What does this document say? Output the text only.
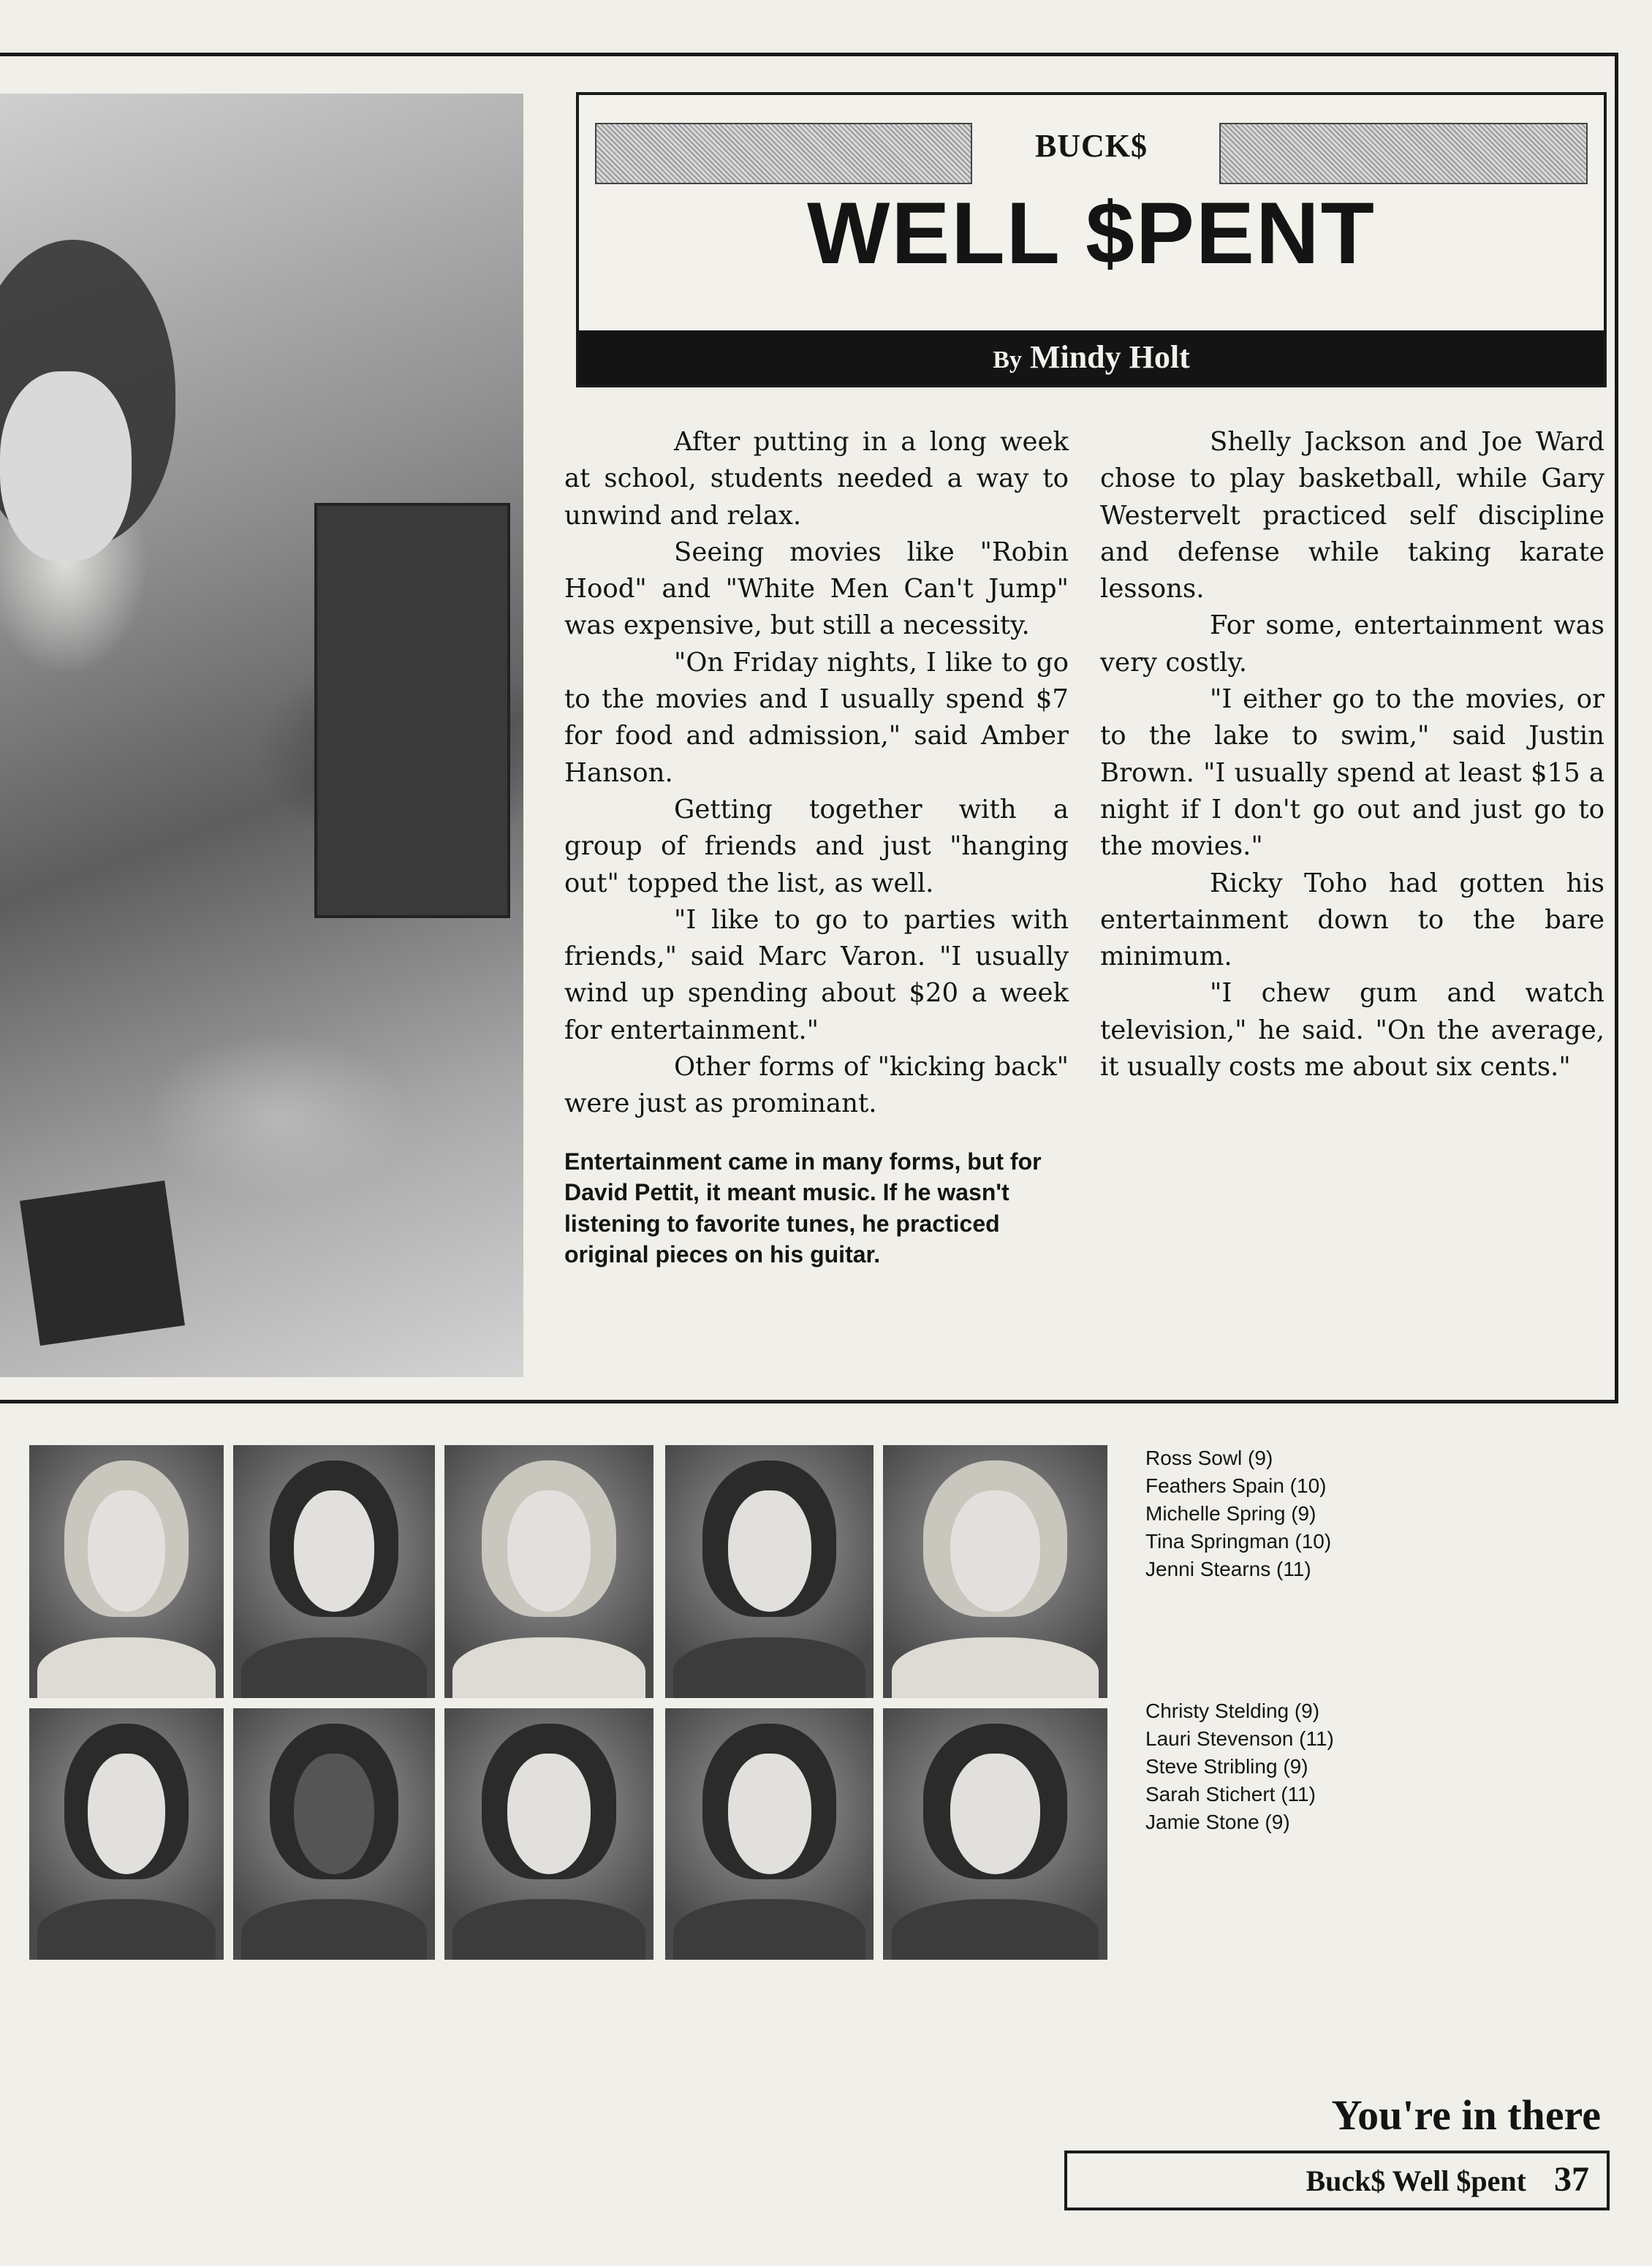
BUCK$
WELL $PENT
By Mindy Holt

After putting in a long week at school, students needed a way to unwind and relax.

Seeing movies like "Robin Hood" and "White Men Can't Jump" was expensive, but still a necessity.

"On Friday nights, I like to go to the movies and I usually spend $7 for food and admission," said Amber Hanson.

Getting together with a group of friends and just "hanging out" topped the list, as well.

"I like to go to parties with friends," said Marc Varon. "I usually wind up spending about $20 a week for entertainment."

Other forms of "kicking back" were just as prominant.

Shelly Jackson and Joe Ward chose to play basketball, while Gary Westervelt practiced self discipline and defense while taking karate lessons.

For some, entertainment was very costly.

"I either go to the movies, or to the lake to swim," said Justin Brown. "I usually spend at least $15 a night if I don't go out and just go to the movies."

Ricky Toho had gotten his entertainment down to the bare minimum.

"I chew gum and watch television," he said. "On the average, it usually costs me about six cents."

Entertainment came in many forms, but for David Pettit, it meant music. If he wasn't listening to favorite tunes, he practiced original pieces on his guitar.
Ross Sowl (9)
Feathers Spain (10)
Michelle Spring (9)
Tina Springman (10)
Jenni Stearns (11)
Christy Stelding (9)
Lauri Stevenson (11)
Steve Stribling (9)
Sarah Stichert (11)
Jamie Stone (9)
You're in there
Buck$ Well $pent 37
